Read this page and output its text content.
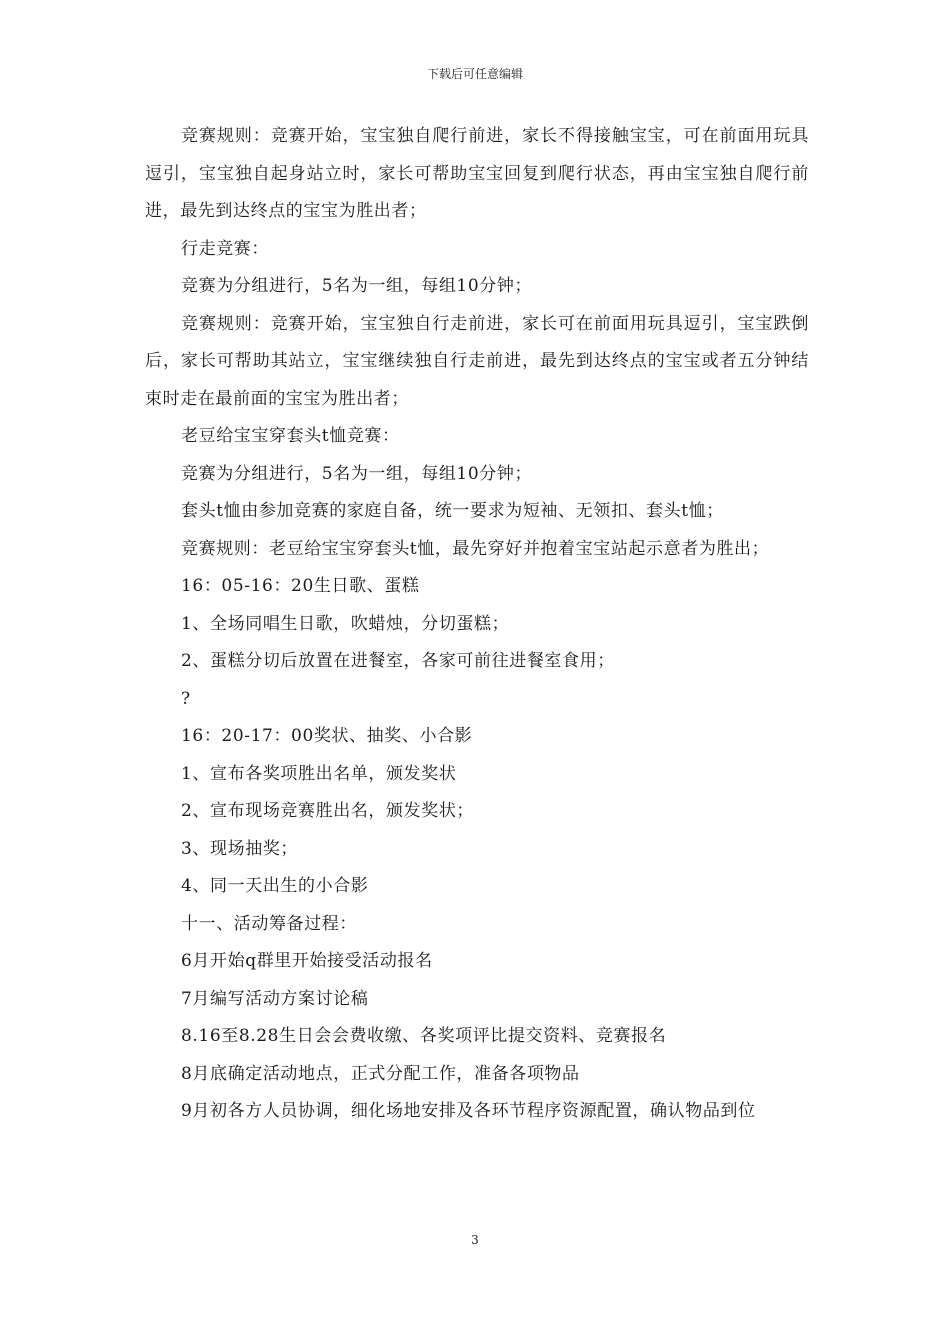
下载后可任意编辑

竞赛规则：竞赛开始，宝宝独自爬行前进，家长不得接触宝宝，可在前面用玩具逗引，宝宝独自起身站立时，家长可帮助宝宝回复到爬行状态，再由宝宝独自爬行前进，最先到达终点的宝宝为胜出者；

行走竞赛：

竞赛为分组进行，5名为一组，每组10分钟；

竞赛规则：竞赛开始，宝宝独自行走前进，家长可在前面用玩具逗引，宝宝跌倒后，家长可帮助其站立，宝宝继续独自行走前进，最先到达终点的宝宝或者五分钟结束时走在最前面的宝宝为胜出者；

老豆给宝宝穿套头t恤竞赛：

竞赛为分组进行，5名为一组，每组10分钟；

套头t恤由参加竞赛的家庭自备，统一要求为短袖、无领扣、套头t恤；

竞赛规则：老豆给宝宝穿套头t恤，最先穿好并抱着宝宝站起示意者为胜出；

16：05-16：20生日歌、蛋糕

1、全场同唱生日歌，吹蜡烛，分切蛋糕；

2、蛋糕分切后放置在进餐室，各家可前往进餐室食用；

?

16：20-17：00奖状、抽奖、小合影

1、宣布各奖项胜出名单，颁发奖状

2、宣布现场竞赛胜出名，颁发奖状；

3、现场抽奖；

4、同一天出生的小合影

十一、活动筹备过程：

6月开始q群里开始接受活动报名

7月编写活动方案讨论稿

8.16至8.28生日会会费收缴、各奖项评比提交资料、竞赛报名

8月底确定活动地点，正式分配工作，准备各项物品

9月初各方人员协调，细化场地安排及各环节程序资源配置，确认物品到位

3
